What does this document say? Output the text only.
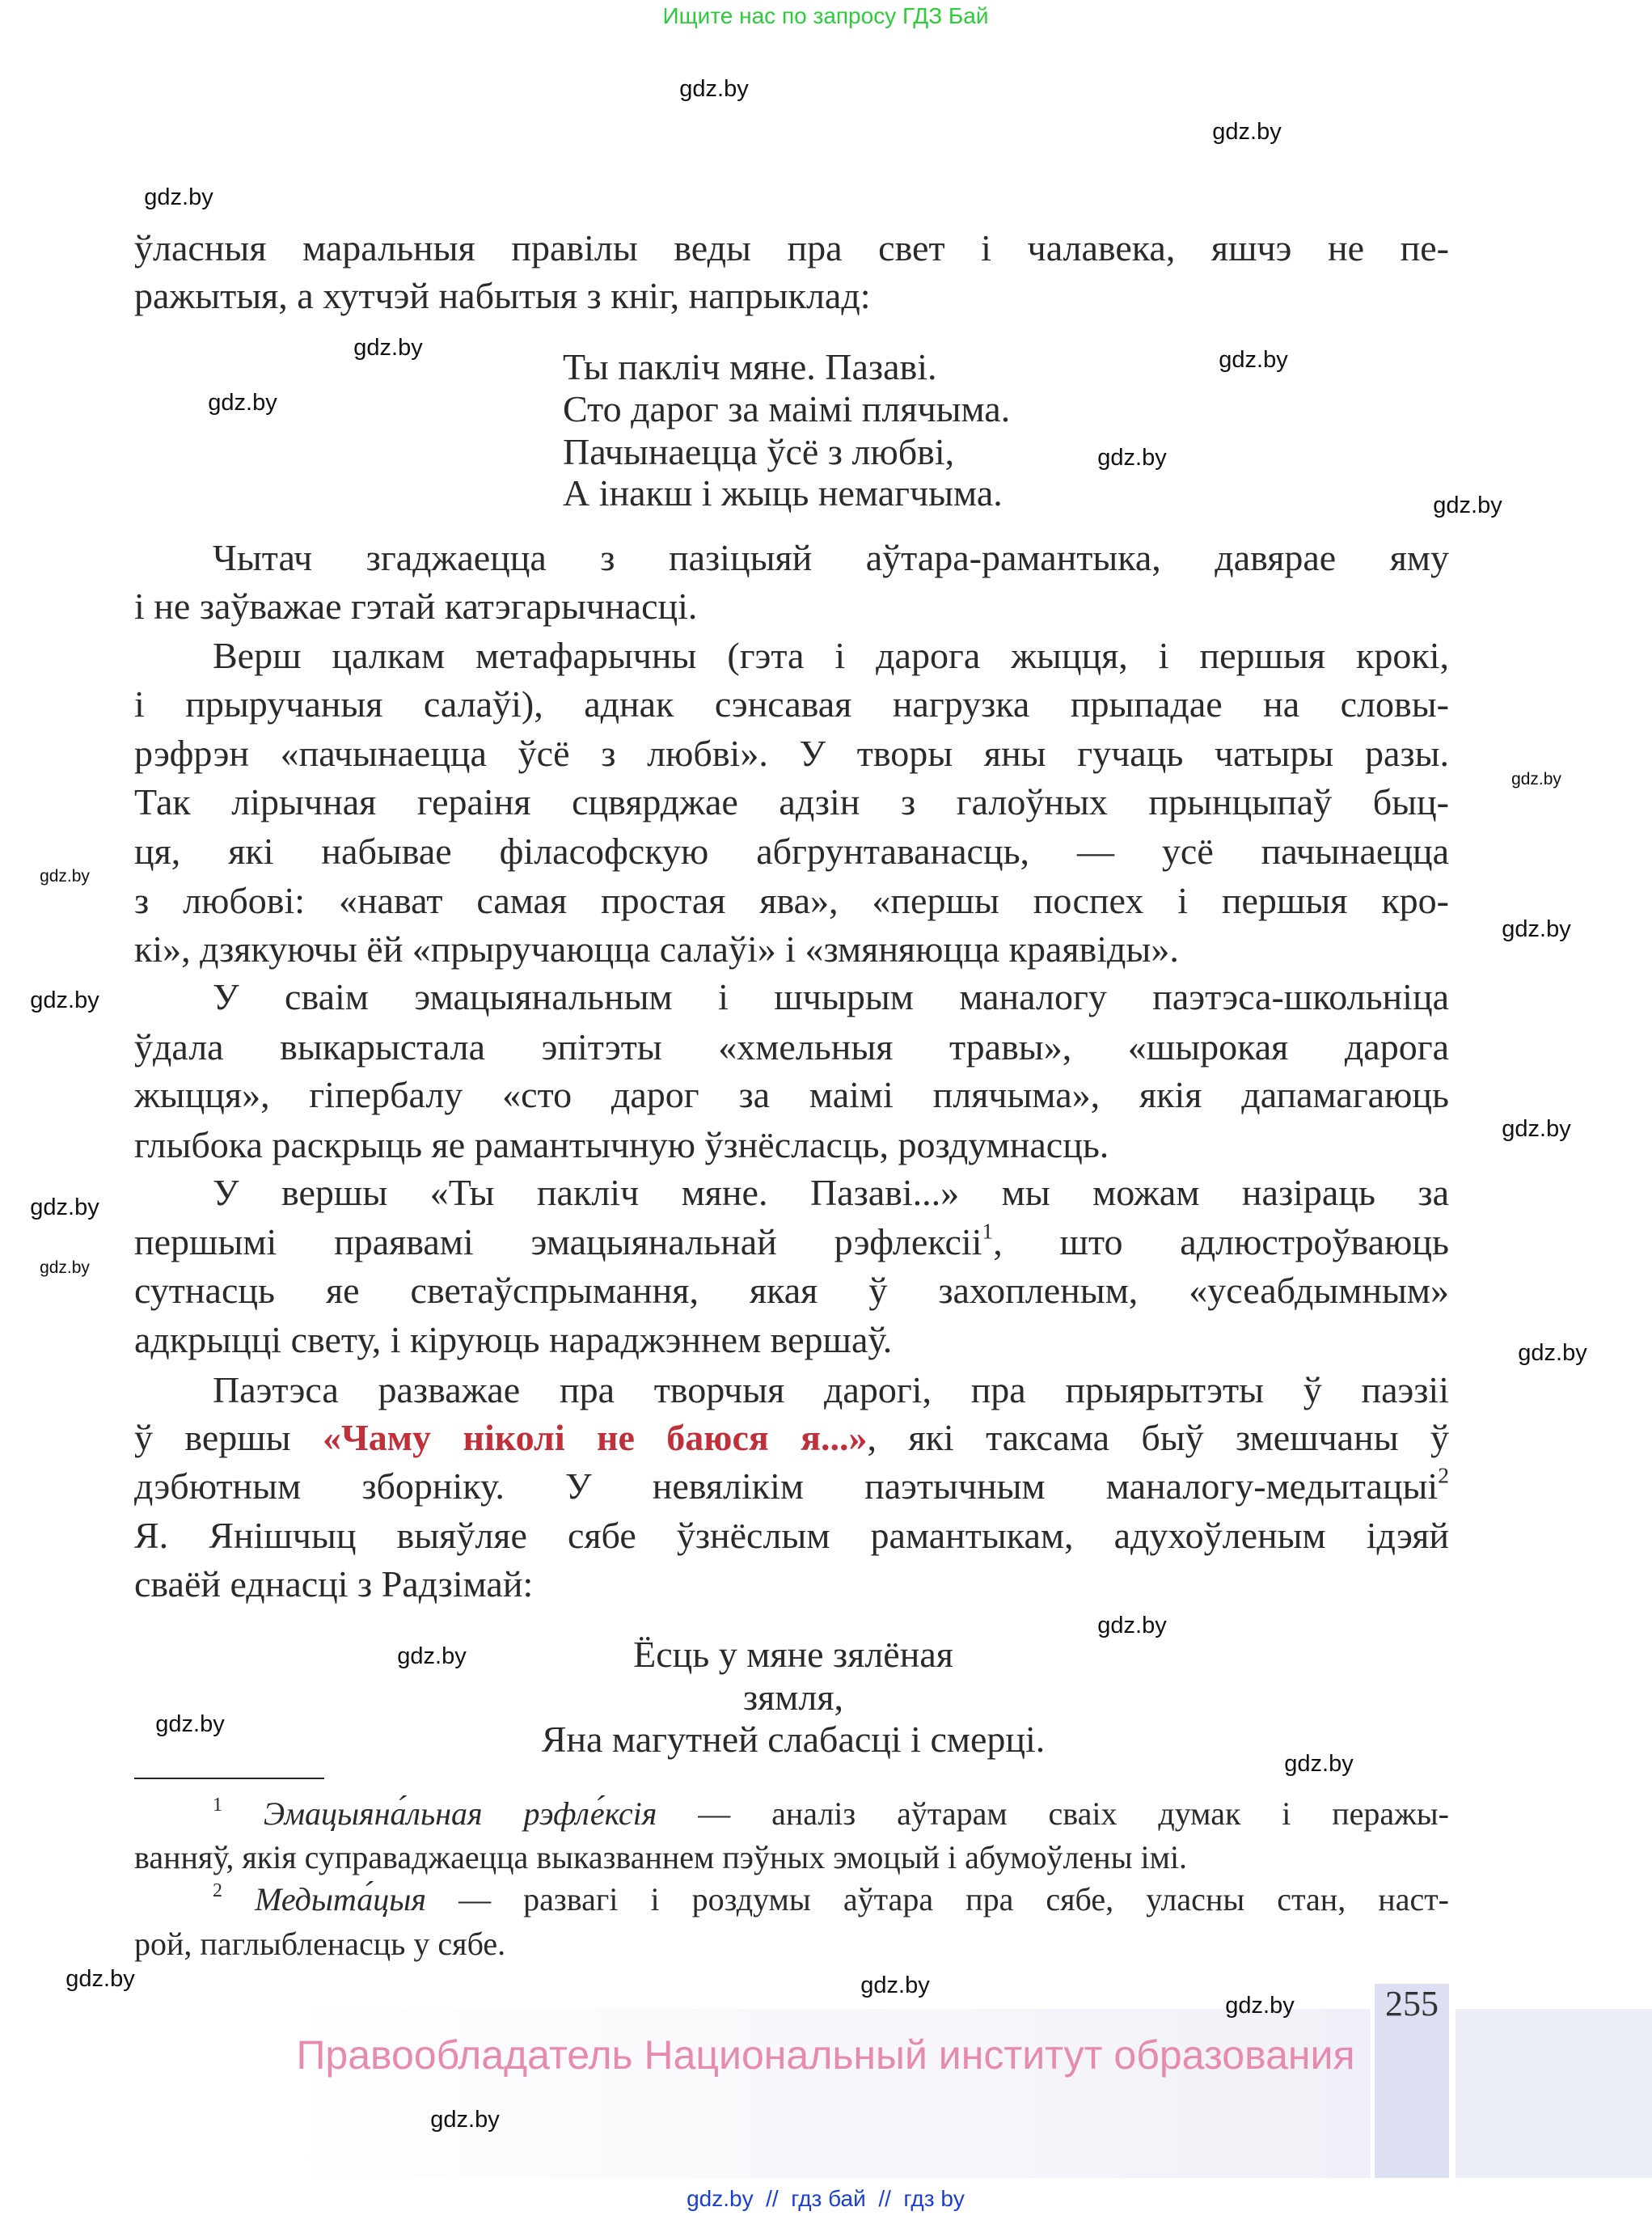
Ищите нас по запросу ГДЗ Бай
ўласныя маральныя правілы веды пра свет і чалавека, яшчэ не пе-
ражытыя, а хутчэй набытыя з кніг, напрыклад:
Ты пакліч мяне. Пазаві.
Сто дарог за маімі плячыма.
Пачынаецца ўсё з любві,
А інакш і жыць немагчыма.
Чытач згаджаецца з пазіцыяй аўтара-рамантыка, давярае яму
і не заўважае гэтай катэгарычнасці.
Верш цалкам метафарычны (гэта і дарога жыцця, і першыя крокі,
і прыручаныя салаўі), аднак сэнсавая нагрузка прыпадае на словы-
рэфрэн «пачынаецца ўсё з любві». У творы яны гучаць чатыры разы.
Так лірычная гераіня сцвярджае адзін з галоўных прынцыпаў быц-
ця, які набывае філасофскую абгрунтаванасць, — усё пачынаецца
з любові: «нават самая простая ява», «першы поспех і першыя кро-
кі», дзякуючы ёй «прыручаюцца салаўі» і «змяняюцца краявіды».
У сваім эмацыянальным і шчырым маналогу паэтэса-школьніца
ўдала выкарыстала эпітэты «хмельныя травы», «шырокая дарога
жыцця», гіпербалу «сто дарог за маімі плячыма», якія дапамагаюць
глыбока раскрыць яе рамантычную ўзнёсласць, роздумнасць.
У вершы «Ты пакліч мяне. Пазаві...» мы можам назіраць за
першымі праявамі эмацыянальнай рэфлексіі$^1$, што адлюстроўваюць
сутнасць яе светаўспрымання, якая ў захопленым, «усеабдымным»
адкрыцці свету, і кіруюць нараджэннем вершаў.
Паэтэса разважае пра творчыя дарогі, пра прыярытэты ў паэзіі
ў вершы «Чаму ніколі не баюся я...», які таксама быў змешчаны ў
дэбютным зборніку. У невялікім паэтычным маналогу-медытацыі$^2$
Я. Янішчыц выяўляе сябе ўзнёслым рамантыкам, адухоўленым ідэяй
сваёй еднасці з Радзімай:
Ёсць у мяне зялёная
зямля,
Яна магутней слабасці і смерці.
$^1$ Эмацыяна́льная рэфле́ксія — аналіз аўтарам сваіх думак і перажы-
ванняў, якія суправаджаецца выказваннем пэўных эмоцый і абумоўлены імі.
$^2$ Медыта́цыя — развагі і роздумы аўтара пра сябе, уласны стан, наст-
рой, паглыбленасць у сябе.
255
Правообладатель Национальный институт образования
gdz.by  //  гдз бай  //  гдз by
gdz.by
gdz.by
gdz.by
gdz.by
gdz.by
gdz.by
gdz.by
gdz.by
gdz.by
gdz.by
gdz.by
gdz.by
gdz.by
gdz.by
gdz.by
gdz.by
gdz.by
gdz.by
gdz.by
gdz.by
gdz.by
gdz.by
gdz.by
gdz.by
